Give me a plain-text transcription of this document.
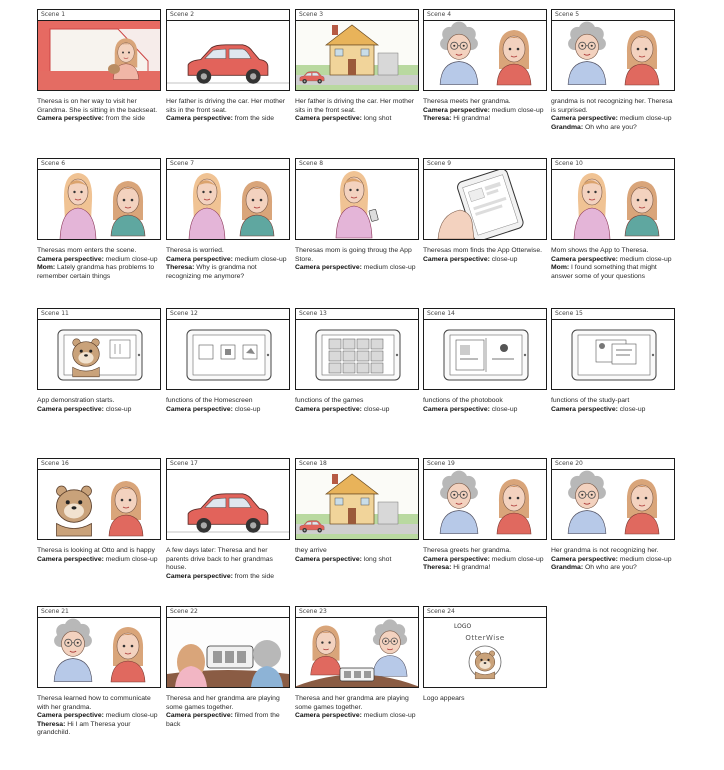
Scene 1
Theresa is on her way to visit her Grandma. She is sitting in the backseat.
Camera perspective: from the side
Scene 2
Her father is driving the car. Her mother sits in the front seat.
Camera perspective: from the side
Scene 3
Her father is driving the car. Her mother sits in the front seat.
Camera perspective: long shot
Scene 4
Theresa meets her grandma.
Camera perspective: medium close-up
Theresa: Hi grandma!
Scene 5
grandma is not recognizing her. Theresa is surprised.
Camera perspective: medium close-up
Grandma: Oh who are you?
Scene 6
Theresas mom enters the scene.
Camera perspective: medium close-up
Mom: Lately grandma has problems to remember certain things
Scene 7
Theresa is worried.
Camera perspective: medium close-up
Theresa: Why is grandma not recognizing me anymore?
Scene 8
Theresas mom is going throug the App Store.
Camera perspective: medium close-up
Scene 9
Theresas mom finds the App Otterwise.
Camera perspective: close-up
Scene 10
Mom shows the App to Theresa.
Camera perspective: medium close-up
Mom: I found something that might answer some of your questions
Scene 11
App demonstration starts.
Camera perspective: close-up
Scene 12
functions of the Homescreen
Camera perspective: close-up
Scene 13
functions of the games
Camera perspective: close-up
Scene 14
functions of the photobook
Camera perspective: close-up
Scene 15
functions of the study-part
Camera perspective: close-up
Scene 16
Theresa is looking at Otto and is happy
Camera perspective: medium close-up
Scene 17
A few days later: Theresa and her parents drive back to her grandmas house.
Camera perspective: from the side
Scene 18
they arrive
Camera perspective: long shot
Scene 19
Theresa greets her grandma.
Camera perspective: medium close-up
Theresa: Hi grandma!
Scene 20
Her grandma is not recognizing her.
Camera perspective: medium close-up
Grandma: Oh who are you?
Scene 21
Theresa learned how to communicate with her grandma.
Camera perspective: medium close-up
Theresa: Hi I am Theresa your grandchild.
Scene 22
Theresa and her grandma are playing some games together.
Camera perspective: filmed from the back
Scene 23
Theresa and her grandma are playing some games together.
Camera perspective: medium close-up
Scene 24
LOGO
OtterWise
Logo appears
